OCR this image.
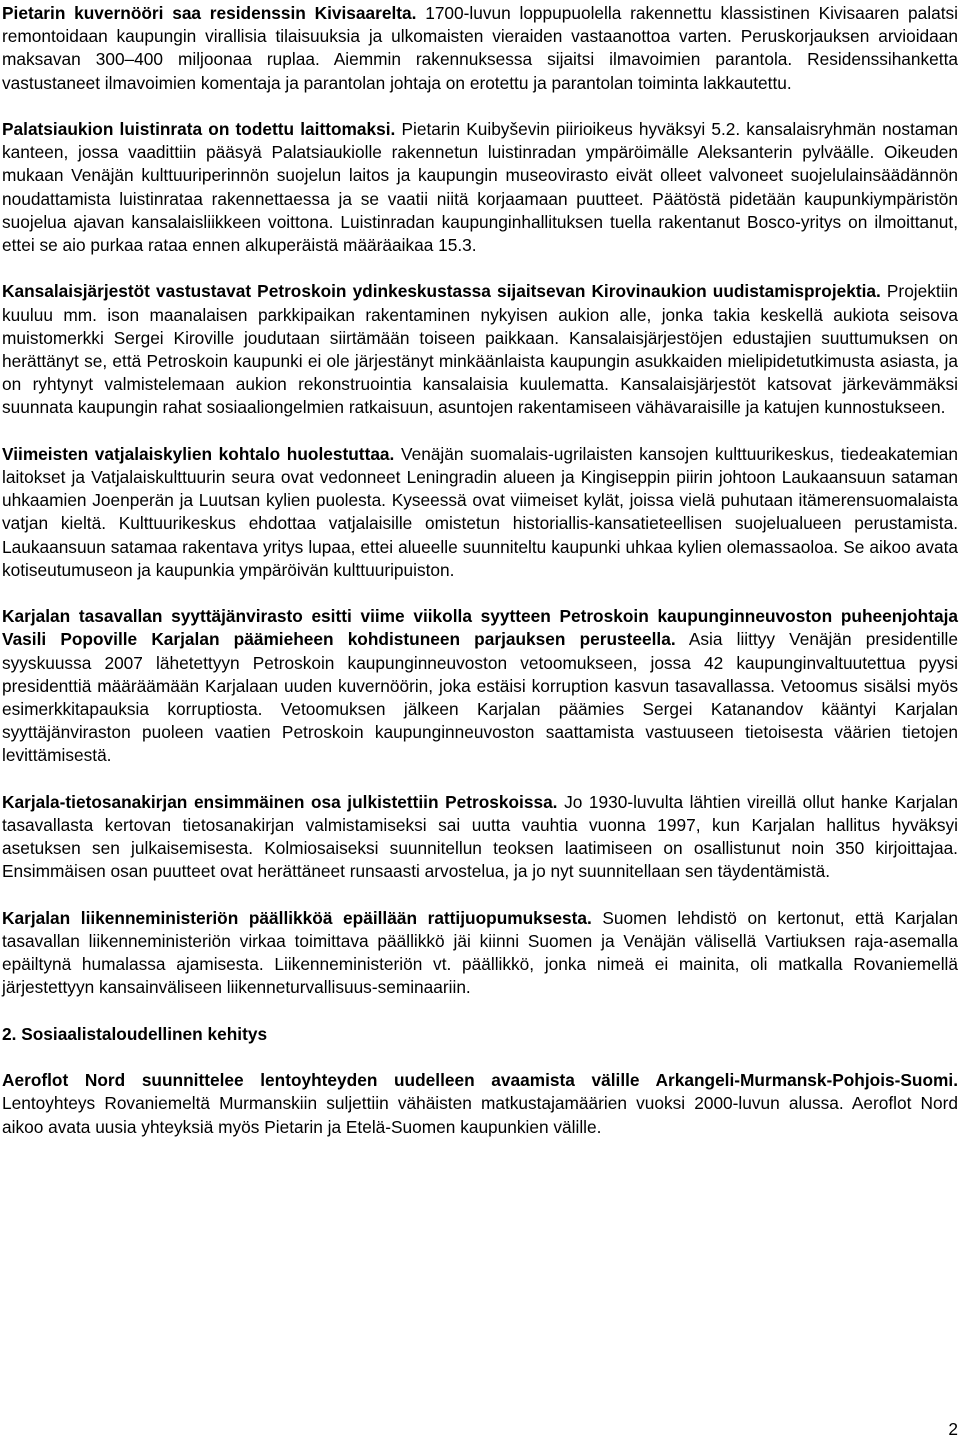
Pietarin kuvernööri saa residenssin Kivisaarelta. 1700-luvun loppupuolella rakennettu klassistinen Kivisaaren palatsi remontoidaan kaupungin virallisia tilaisuuksia ja ulkomaisten vieraiden vastaanottoa varten. Peruskorjauksen arvioidaan maksavan 300–400 miljoonaa ruplaa. Aiemmin rakennuksessa sijaitsi ilmavoimien parantola. Residenssihanketta vastustaneet ilmavoimien komentaja ja parantolan johtaja on erotettu ja parantolan toiminta lakkautettu.

Palatsiaukion luistinrata on todettu laittomaksi. Pietarin Kuibyševin piirioikeus hyväksyi 5.2. kansalaisryhmän nostaman kanteen, jossa vaadittiin pääsyä Palatsiaukiolle rakennetun luistinradan ympäröimälle Aleksanterin pylväälle. Oikeuden mukaan Venäjän kulttuuriperinnön suojelun laitos ja kaupungin museovirasto eivät olleet valvoneet suojelulainsäädännön noudattamista luistinrataa rakennettaessa ja se vaatii niitä korjaamaan puutteet. Päätöstä pidetään kaupunkiympäristön suojelua ajavan kansalaisliikkeen voittona. Luistinradan kaupunginhallituksen tuella rakentanut Bosco-yritys on ilmoittanut, ettei se aio purkaa rataa ennen alkuperäistä määräaikaa 15.3.

Kansalaisjärjestöt vastustavat Petroskoin ydinkeskustassa sijaitsevan Kirovinaukion uudistamisprojektia. Projektiin kuuluu mm. ison maanalaisen parkkipaikan rakentaminen nykyisen aukion alle, jonka takia keskellä aukiota seisova muistomerkki Sergei Kiroville joudutaan siirtämään toiseen paikkaan. Kansalaisjärjestöjen edustajien suuttumuksen on herättänyt se, että Petroskoin kaupunki ei ole järjestänyt minkäänlaista kaupungin asukkaiden mielipidetutkimusta asiasta, ja on ryhtynyt valmistelemaan aukion rekonstruointia kansalaisia kuulematta. Kansalaisjärjestöt katsovat järkevämmäksi suunnata kaupungin rahat sosiaaliongelmien ratkaisuun, asuntojen rakentamiseen vähävaraisille ja katujen kunnostukseen.

Viimeisten vatjalaiskylien kohtalo huolestuttaa. Venäjän suomalais-ugrilaisten kansojen kulttuurikeskus, tiedeakatemian laitokset ja Vatjalaiskulttuurin seura ovat vedonneet Leningradin alueen ja Kingiseppin piirin johtoon Laukaansuun sataman uhkaamien Joenperän ja Luutsan kylien puolesta. Kyseessä ovat viimeiset kylät, joissa vielä puhutaan itämerensuomalaista vatjan kieltä. Kulttuurikeskus ehdottaa vatjalaisille omistetun historiallis-kansatieteellisen suojelualueen perustamista. Laukaansuun satamaa rakentava yritys lupaa, ettei alueelle suunniteltu kaupunki uhkaa kylien olemassaoloa. Se aikoo avata kotiseutumuseon ja kaupunkia ympäröivän kulttuuripuiston.

Karjalan tasavallan syyttäjänvirasto esitti viime viikolla syytteen Petroskoin kaupunginneuvoston puheenjohtaja Vasili Popoville Karjalan päämieheen kohdistuneen parjauksen perusteella. Asia liittyy Venäjän presidentille syyskuussa 2007 lähetettyyn Petroskoin kaupunginneuvoston vetoomukseen, jossa 42 kaupunginvaltuutettua pyysi presidenttiä määräämään Karjalaan uuden kuvernöörin, joka estäisi korruption kasvun tasavallassa. Vetoomus sisälsi myös esimerkkitapauksia korruptiosta. Vetoomuksen jälkeen Karjalan päämies Sergei Katanandov kääntyi Karjalan syyttäjänviraston puoleen vaatien Petroskoin kaupunginneuvoston saattamista vastuuseen tietoisesta väärien tietojen levittämisestä.

Karjala-tietosanakirjan ensimmäinen osa julkistettiin Petroskoissa. Jo 1930-luvulta lähtien vireillä ollut hanke Karjalan tasavallasta kertovan tietosanakirjan valmistamiseksi sai uutta vauhtia vuonna 1997, kun Karjalan hallitus hyväksyi asetuksen sen julkaisemisesta. Kolmiosaiseksi suunnitellun teoksen laatimiseen on osallistunut noin 350 kirjoittajaa. Ensimmäisen osan puutteet ovat herättäneet runsaasti arvostelua, ja jo nyt suunnitellaan sen täydentämistä.

Karjalan liikenneministeriön päällikköä epäillään rattijuopumuksesta. Suomen lehdistö on kertonut, että Karjalan tasavallan liikenneministeriön virkaa toimittava päällikkö jäi kiinni Suomen ja Venäjän välisellä Vartiuksen raja-asemalla epäiltynä humalassa ajamisesta. Liikenneministeriön vt. päällikkö, jonka nimeä ei mainita, oli matkalla Rovaniemellä järjestettyyn kansainväliseen liikenneturvallisuus-seminaariin.

2. Sosiaalistaloudellinen kehitys

Aeroflot Nord suunnittelee lentoyhteyden uudelleen avaamista välille Arkangeli-Murmansk-Pohjois-Suomi. Lentoyhteys Rovaniemeltä Murmanskiin suljettiin vähäisten matkustajamäärien vuoksi 2000-luvun alussa. Aeroflot Nord aikoo avata uusia yhteyksiä myös Pietarin ja Etelä-Suomen kaupunkien välille.

2
